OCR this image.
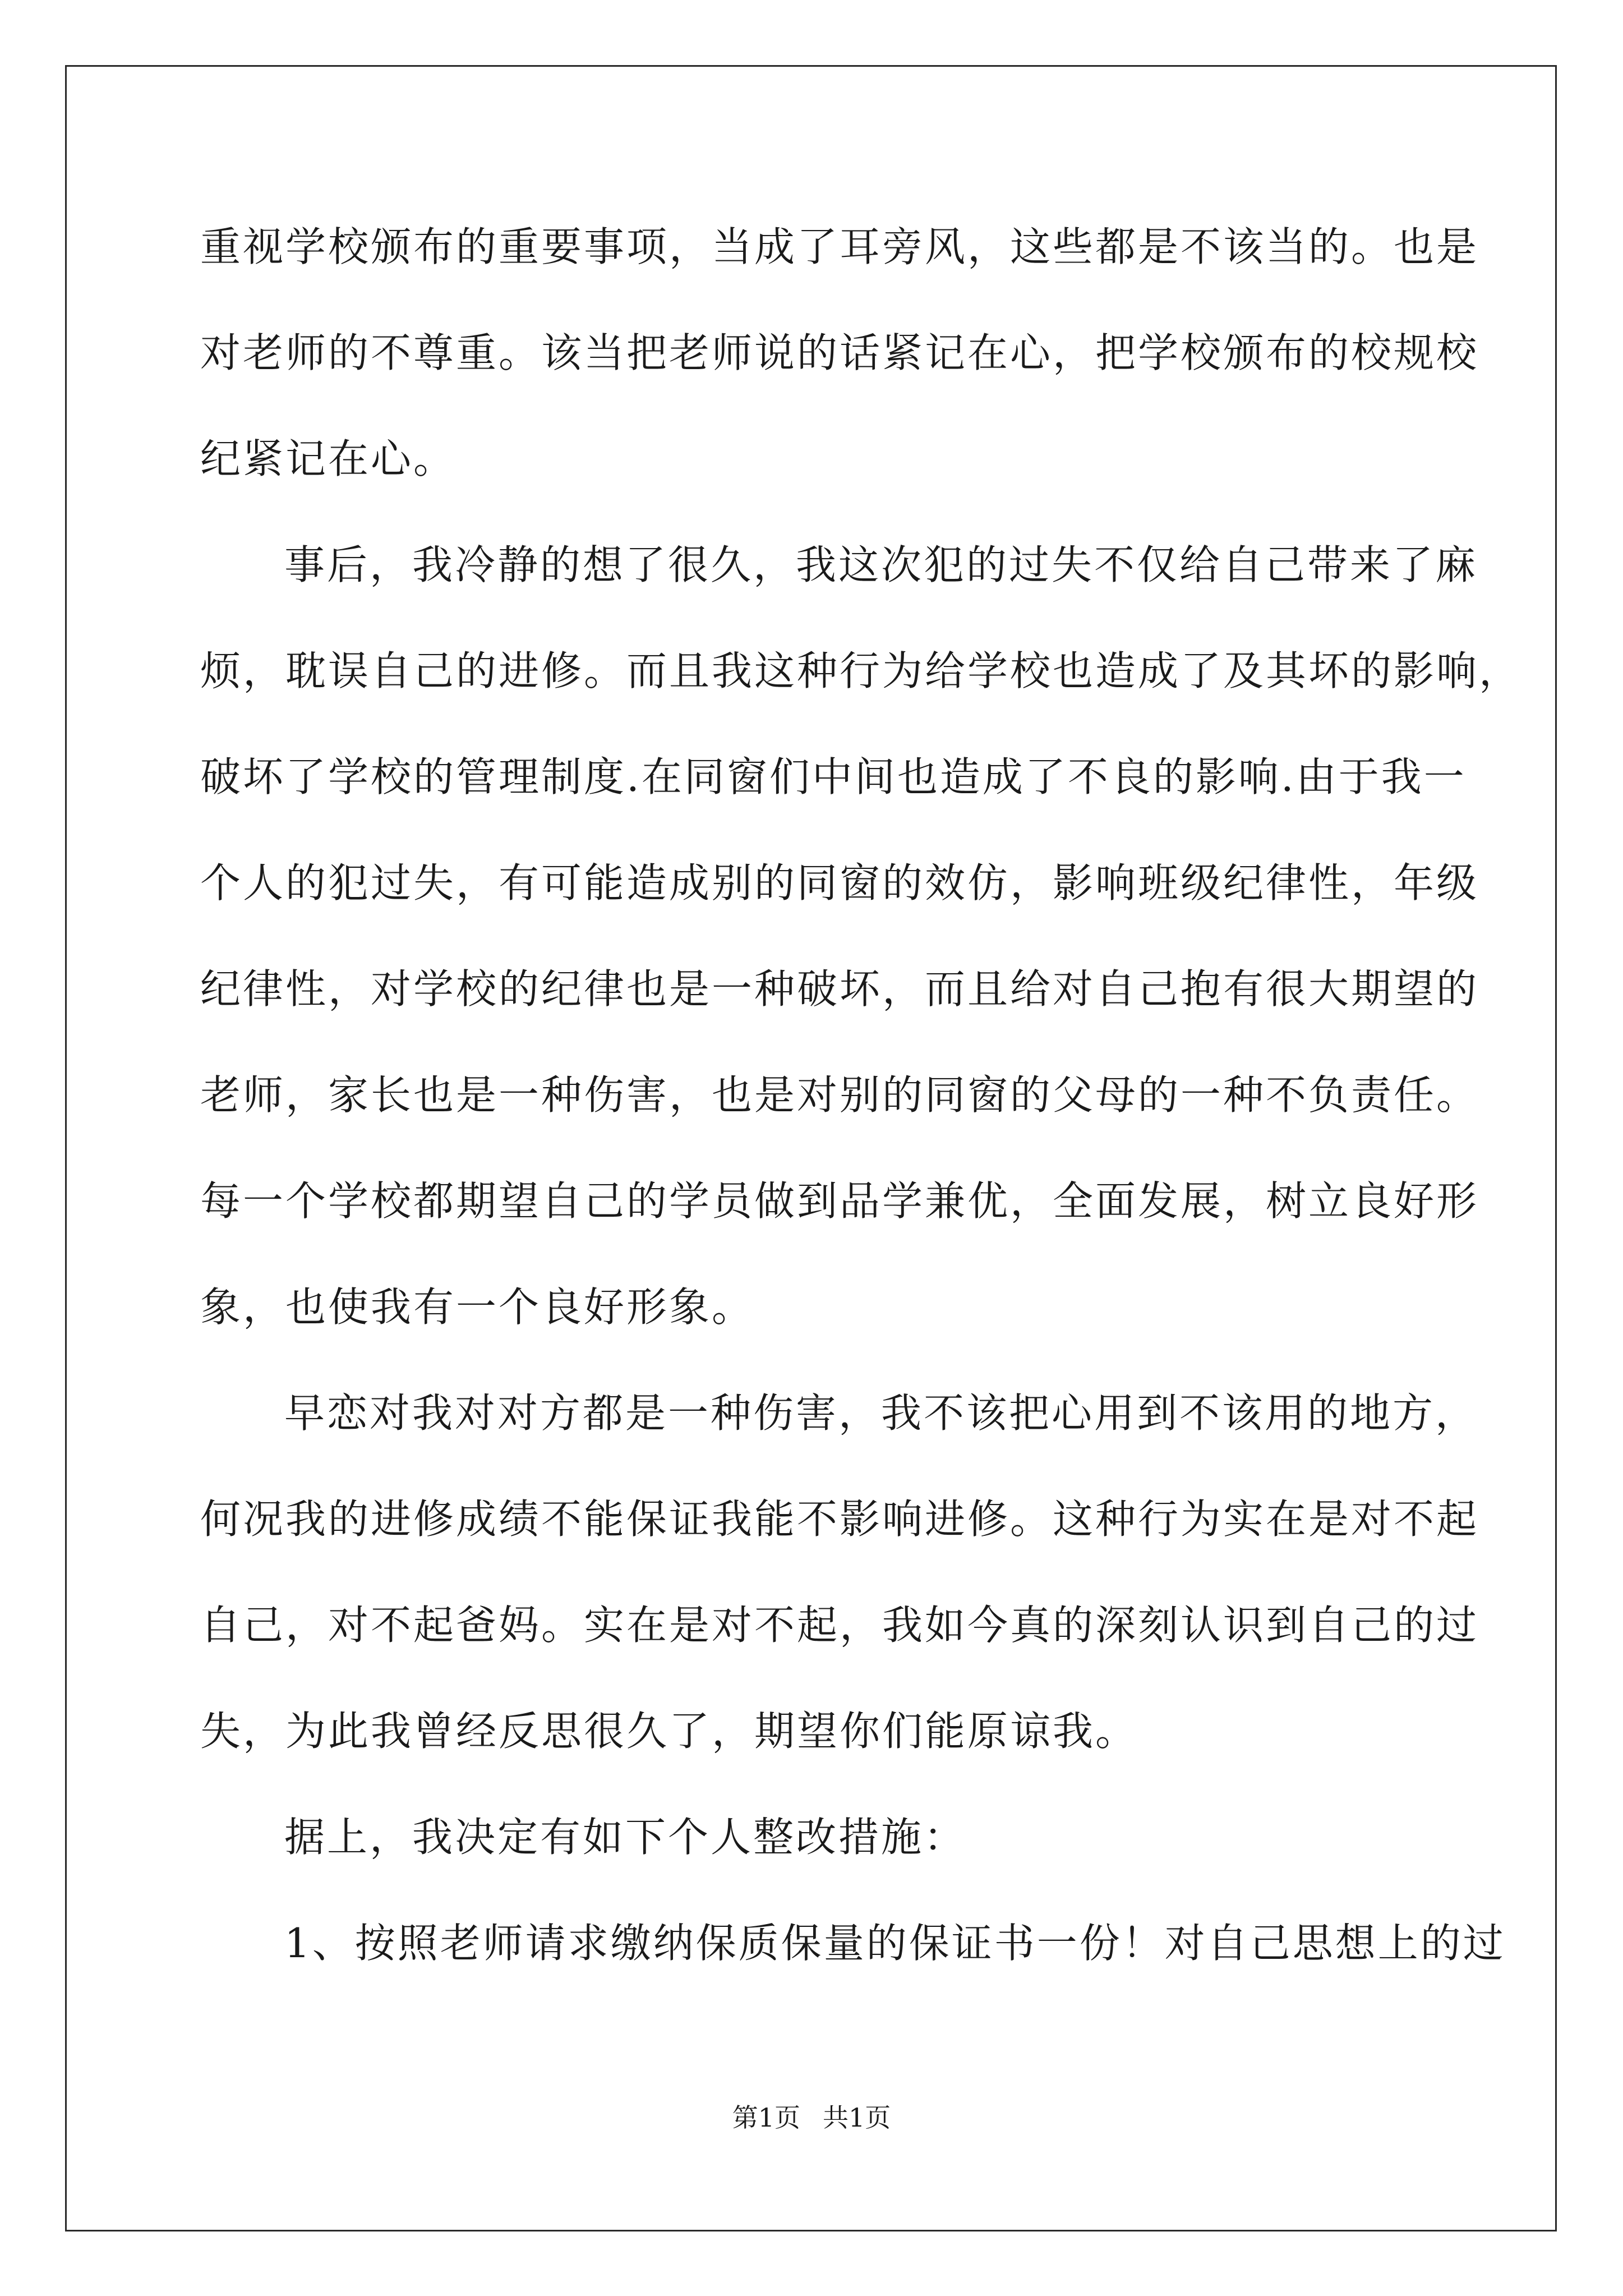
重视学校颁布的重要事项，当成了耳旁风，这些都是不该当的。也是

对老师的不尊重。该当把老师说的话紧记在心，把学校颁布的校规校

纪紧记在心。

事后，我冷静的想了很久，我这次犯的过失不仅给自己带来了麻

烦，耽误自己的进修。而且我这种行为给学校也造成了及其坏的影响，

破坏了学校的管理制度.在同窗们中间也造成了不良的影响.由于我一

个人的犯过失，有可能造成别的同窗的效仿，影响班级纪律性，年级

纪律性，对学校的纪律也是一种破坏，而且给对自己抱有很大期望的

老师，家长也是一种伤害，也是对别的同窗的父母的一种不负责任。

每一个学校都期望自己的学员做到品学兼优，全面发展，树立良好形

象，也使我有一个良好形象。

早恋对我对对方都是一种伤害，我不该把心用到不该用的地方，

何况我的进修成绩不能保证我能不影响进修。这种行为实在是对不起

自己，对不起爸妈。实在是对不起，我如今真的深刻认识到自己的过

失，为此我曾经反思很久了，期望你们能原谅我。

据上，我决定有如下个人整改措施：

1、按照老师请求缴纳保质保量的保证书一份！对自己思想上的过

第1页 共1页
